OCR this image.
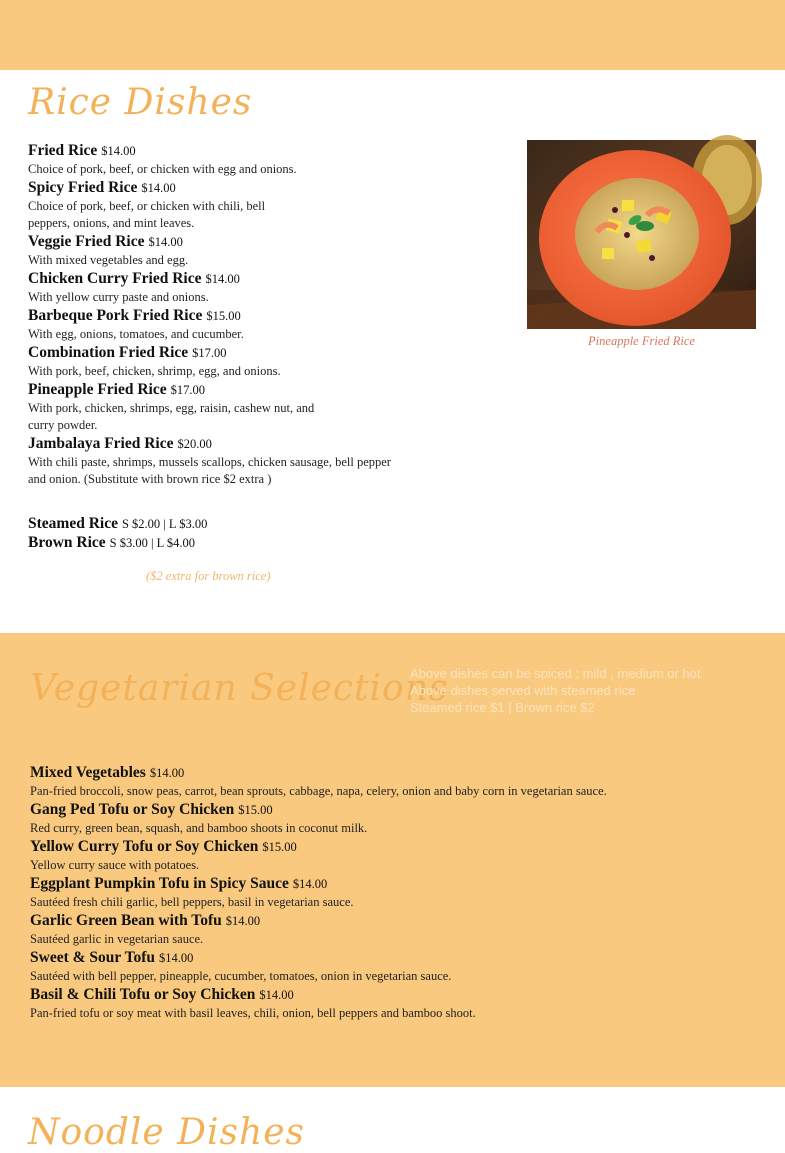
Rice Dishes
Fried Rice $14.00
Choice of pork, beef, or chicken with egg and onions.
Spicy Fried Rice $14.00
Choice of pork, beef, or chicken with chili, bell peppers, onions, and mint leaves.
Veggie Fried Rice $14.00
With mixed vegetables and egg.
Chicken Curry Fried Rice $14.00
With yellow curry paste and onions.
Barbeque Pork Fried Rice $15.00
With egg, onions, tomatoes, and cucumber.
Combination Fried Rice $17.00
With pork, beef, chicken, shrimp, egg, and onions.
Pineapple Fried Rice $17.00
With pork, chicken, shrimps, egg, raisin, cashew nut, and curry powder.
Jambalaya Fried Rice $20.00
With chili paste, shrimps, mussels scallops, chicken sausage, bell pepper and onion. (Substitute with brown rice $2 extra )
Steamed Rice S $2.00 | L $3.00
Brown Rice S $3.00 | L $4.00
($2 extra for brown rice)
Pineapple Fried Rice
Vegetarian Selections
Above dishes can be spiced : mild , medium or hot
Above dishes served with steamed rice
Steamed rice $1 | Brown rice $2
Mixed Vegetables $14.00
Pan-fried broccoli, snow peas, carrot, bean sprouts, cabbage, napa, celery, onion and baby corn in vegetarian sauce.
Gang Ped Tofu or Soy Chicken $15.00
Red curry, green bean, squash, and bamboo shoots in coconut milk.
Yellow Curry Tofu or Soy Chicken $15.00
Yellow curry sauce with potatoes.
Eggplant Pumpkin Tofu in Spicy Sauce $14.00
Sautéed fresh chili garlic, bell peppers, basil in vegetarian sauce.
Garlic Green Bean with Tofu $14.00
Sautéed garlic in vegetarian sauce.
Sweet & Sour Tofu $14.00
Sautéed with bell pepper, pineapple, cucumber, tomatoes, onion in vegetarian sauce.
Basil & Chili Tofu or Soy Chicken $14.00
Pan-fried tofu or soy meat with basil leaves, chili, onion, bell peppers and bamboo shoot.
Noodle Dishes
